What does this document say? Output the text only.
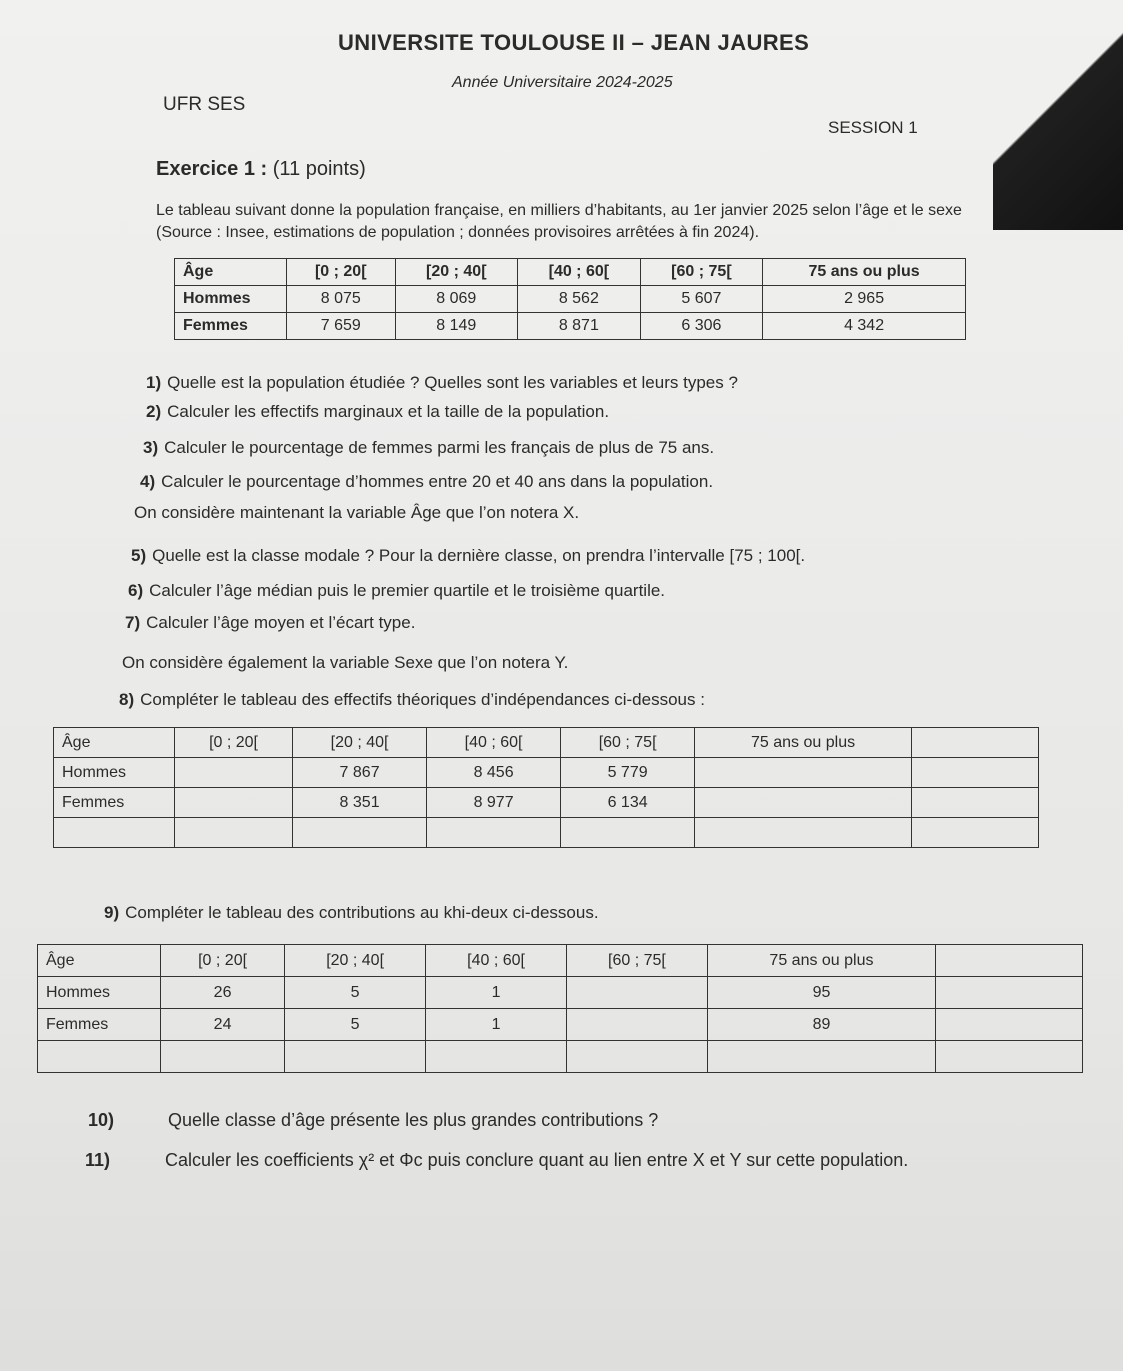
UNIVERSITE TOULOUSE II – JEAN JAURES
Année Universitaire 2024-2025
UFR SES
SESSION 1
Exercice 1 : (11 points)
Le tableau suivant donne la population française, en milliers d’habitants, au 1er janvier 2025 selon l’âge et le sexe (Source : Insee, estimations de population ; données provisoires arrêtées à fin 2024).
Âge	[0 ; 20[	[20 ; 40[	[40 ; 60[	[60 ; 75[	75 ans ou plus
Hommes	8 075	8 069	8 562	5 607	2 965
Femmes	7 659	8 149	8 871	6 306	4 342
1) Quelle est la population étudiée ? Quelles sont les variables et leurs types ?
2) Calculer les effectifs marginaux et la taille de la population.
3) Calculer le pourcentage de femmes parmi les français de plus de 75 ans.
4) Calculer le pourcentage d’hommes entre 20 et 40 ans dans la population.
On considère maintenant la variable Âge que l’on notera X.
5) Quelle est la classe modale ? Pour la dernière classe, on prendra l’intervalle [75 ; 100[.
6) Calculer l’âge médian puis le premier quartile et le troisième quartile.
7) Calculer l’âge moyen et l’écart type.
On considère également la variable Sexe que l’on notera Y.
8) Compléter le tableau des effectifs théoriques d’indépendances ci-dessous :
Âge	[0 ; 20[	[20 ; 40[	[40 ; 60[	[60 ; 75[	75 ans ou plus	
Hommes		7 867	8 456	5 779		
Femmes		8 351	8 977	6 134		

9) Compléter le tableau des contributions au khi-deux ci-dessous.
Âge	[0 ; 20[	[20 ; 40[	[40 ; 60[	[60 ; 75[	75 ans ou plus	
Hommes	26	5	1		95	
Femmes	24	5	1		89	

10)	Quelle classe d’âge présente les plus grandes contributions ?
11)	Calculer les coefficients χ² et Φc puis conclure quant au lien entre X et Y sur cette population.
